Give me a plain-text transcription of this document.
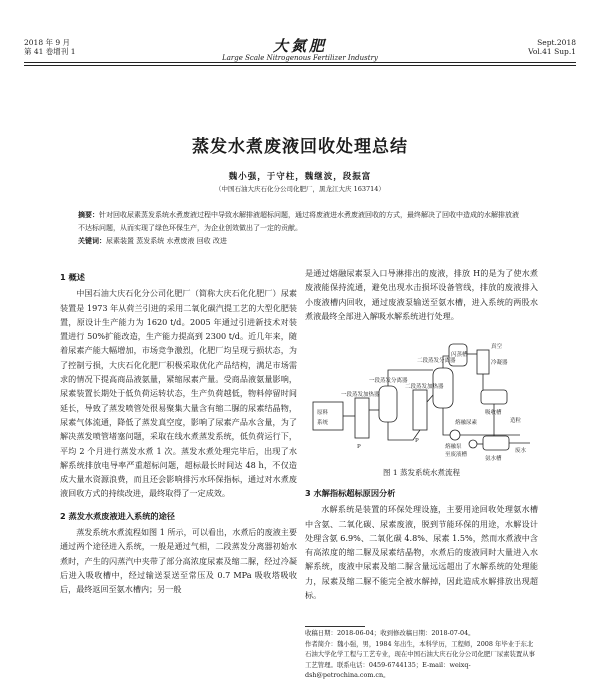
2018 年 9 月
第 41 卷增刊 1	大氮肥
Large Scale Nitrogenous Fertilizer Industry
Sept.2018
Vol.41 Sup.1
蒸发水煮废液回收处理总结
魏小强，于守柱，魏继波，段振富
（中国石油大庆石化分公司化肥厂，黑龙江大庆 163714）
摘要：针对回收尿素蒸发系统水煮废液过程中导致水解排液超标问题，通过将废液进水煮废液回收的方式，最终解决了回收中造成的水解排放液不达标问题，从而实现了绿色环保生产，为企业创效做出了一定的贡献。
关键词：尿素装置 蒸发系统 水煮废液 回收 改进
1 概述

中国石油大庆石化分公司化肥厂（简称大庆石化化肥厂）尿素装置是 1973 年从荷兰引进的采用二氧化碳汽提工艺的大型化肥装置，原设计生产能力为 1620 t/d。2005 年通过引进新技术对装置进行 50%扩能改造，生产能力提高到 2300 t/d。近几年来，随着尿素产能大幅增加，市场竞争激烈，化肥厂均呈现亏损状态，为了控制亏损，大庆石化化肥厂积极采取优化产品结构，满足市场需求的情况下提高商品液氨量，紧缩尿素产量。受商品液氨量影响，尿素装置长期处于低负荷运转状态，生产负荷越低，物料停留时间延长，导致了蒸发喷管处很易聚集大量含有缩二脲的尿素结晶物，尿素气体流通，降低了蒸发真空度，影响了尿素产品水含量，为了解决蒸发喷管堵塞问题，采取在线水煮蒸发系统，低负荷运行下，平均 2 个月进行蒸发水煮 1 次。蒸发水煮处理完毕后，出现了水解系统排放电导率严重超标问题，超标最长时间达 48 h，不仅造成大量水资源浪费，而且还会影响排污水环保指标，通过对水煮废液回收方式的持续改进，最终取得了一定成效。

2 蒸发水煮废液进入系统的途径

蒸发系统水煮流程如图 1 所示，可以看出，水煮后的废液主要通过两个途径进入系统，一般是通过气相，二段蒸发分离器初始水煮时，产生的闪蒸汽中夹带了部分高浓度尿素及缩二脲，经过冷凝后进入吸收槽中，经过输送泵送至常压及 0.7 MPa 吸收塔吸收后，最终返回至氨水槽内；另一般

是通过熔融尿素泵入口导淋排出的废液，排放 H的是为了使水煮废液能保持流通，避免出现水击损坏设备管线，排放的废液排入小废液槽内回收，通过废液泵输送至氨水槽，进入系统的两股水煮液最终全部进入解吸水解系统进行处理。

闪蒸槽
二段蒸发分离器
一段蒸发分离器
二段蒸发加热器
一段蒸发加热器
冷凝器
吸收槽
氨水槽
造粒
熔融尿素
至废液槽
熔融泵
原料
系统
废水
真空
P
P
图 1 蒸发系统水煮流程
3 水解指标超标原因分析

水解系统是装置的环保处理设施，主要用途回收处理氨水槽中含氨、二氧化碳、尿素废液，脱到节能环保的用途，水解设计处理含氨 6.9%、二氧化碳 4.8%、尿素 1.5%，然而水煮液中含有高浓度的缩二脲及尿素结晶物，水煮后的废液同时大量进入水解系统，废液中尿素及缩二脲含量远远超出了水解系统的处理能力，尿素及缩二脲不能完全被水解掉，因此造成水解排放出现超标。

收稿日期：2018-06-04；收到修改稿日期：2018-07-04。
作者简介：魏小强，男，1984 年出生，本科学历，工程师，2008 年毕业于东北石油大学化学工程与工艺专业，现在中国石油大庆石化分公司化肥厂尿素装置从事工艺管理。联系电话：0459-6744135；E-mail：weixq-dsh@petrochina.com.cn。
